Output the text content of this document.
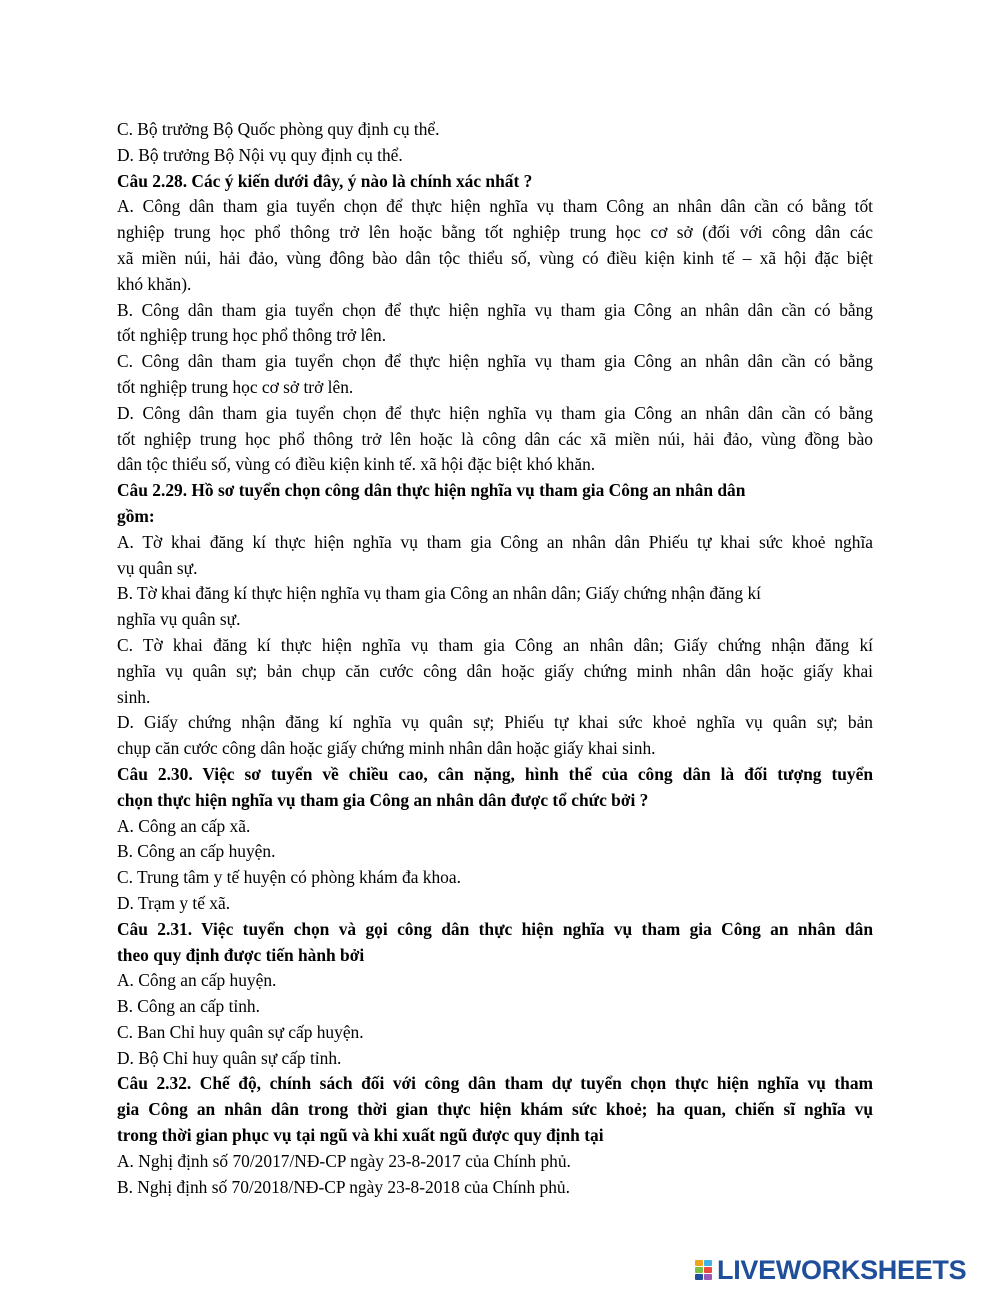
C. Bộ trưởng Bộ Quốc phòng quy định cụ thể.
D. Bộ trưởng Bộ Nội vụ quy định cụ thể.
Câu 2.28. Các ý kiến dưới đây, ý nào là chính xác nhất ?
A. Công dân tham gia tuyển chọn để thực hiện nghĩa vụ tham Công an nhân dân cần có bằng tốt
nghiệp trung học phổ thông trở lên hoặc bằng tốt nghiệp trung học cơ sở (đối với công dân các
xã miền núi, hải đảo, vùng đông bào dân tộc thiểu số, vùng có điều kiện kinh tế – xã hội đặc biệt
khó khăn).
B. Công dân tham gia tuyển chọn để thực hiện nghĩa vụ tham gia Công an nhân dân cần có bằng
tốt nghiệp trung học phổ thông trở lên.
C. Công dân tham gia tuyển chọn để thực hiện nghĩa vụ tham gia Công an nhân dân cần có bằng
tốt nghiệp trung học cơ sở trở lên.
D. Công dân tham gia tuyển chọn để thực hiện nghĩa vụ tham gia Công an nhân dân cần có bằng
tốt nghiệp trung học phổ thông trở lên hoặc là công dân các xã miền núi, hải đảo, vùng đồng bào
dân tộc thiểu số, vùng có điều kiện kinh tế. xã hội đặc biệt khó khăn.
Câu 2.29. Hồ sơ tuyển chọn công dân thực hiện nghĩa vụ tham gia Công an nhân dân
gồm:
A. Tờ khai đăng kí thực hiện nghĩa vụ tham gia Công an nhân dân Phiếu tự khai sức khoẻ nghĩa
vụ quân sự.
B. Tờ khai đăng kí thực hiện nghĩa vụ tham gia Công an nhân dân; Giấy chứng nhận đăng kí
nghĩa vụ quân sự.
C. Tờ khai đăng kí thực hiện nghĩa vụ tham gia Công an nhân dân; Giấy chứng nhận đăng kí
nghĩa vụ quân sự; bản chụp căn cước công dân hoặc giấy chứng minh nhân dân hoặc giấy khai
sinh.
D. Giấy chứng nhận đăng kí nghĩa vụ quân sự; Phiếu tự khai sức khoẻ nghĩa vụ quân sự; bản
chụp căn cước công dân hoặc giấy chứng minh nhân dân hoặc giấy khai sinh.
Câu 2.30. Việc sơ tuyển về chiều cao, cân nặng, hình thể của công dân là đối tượng tuyển
chọn thực hiện nghĩa vụ tham gia Công an nhân dân được tổ chức bởi ?
A. Công an cấp xã.
B. Công an cấp huyện.
C. Trung tâm y tế huyện có phòng khám đa khoa.
D. Trạm y tế xã.
Câu 2.31. Việc tuyển chọn và gọi công dân thực hiện nghĩa vụ tham gia Công an nhân dân
theo quy định được tiến hành bởi
A. Công an cấp huyện.
B. Công an cấp tỉnh.
C. Ban Chỉ huy quân sự cấp huyện.
D. Bộ Chỉ huy quân sự cấp tỉnh.
Câu 2.32. Chế độ, chính sách đối với công dân tham dự tuyển chọn thực hiện nghĩa vụ tham
gia Công an nhân dân trong thời gian thực hiện khám sức khoẻ; ha quan, chiến sĩ nghĩa vụ
trong thời gian phục vụ tại ngũ và khi xuất ngũ được quy định tại
A. Nghị định số 70/2017/NĐ-CP ngày 23-8-2017 của Chính phủ.
B. Nghị định số 70/2018/NĐ-CP ngày 23-8-2018 của Chính phủ.
LIVEWORKSHEETS
